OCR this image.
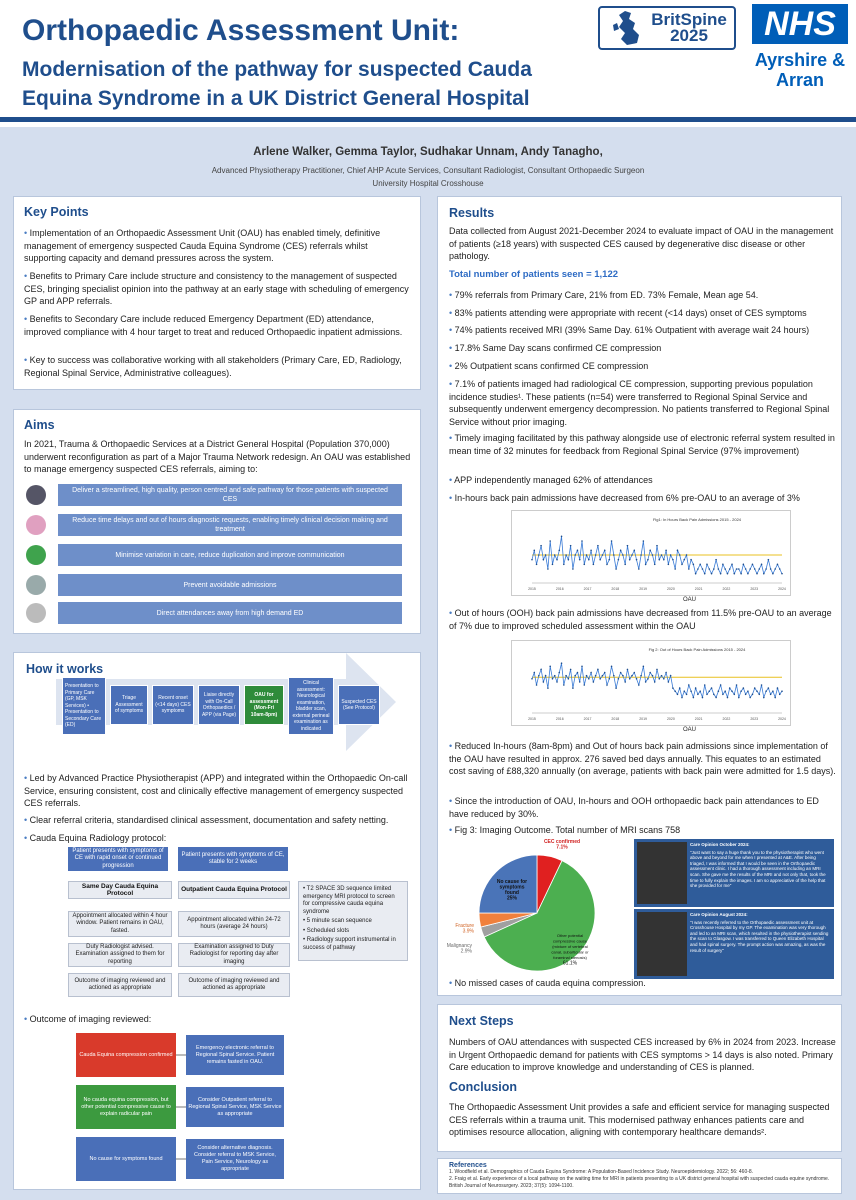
Orthopaedic Assessment Unit:
Modernisation of the pathway for suspected Cauda Equina Syndrome in a UK District General Hospital
BritSpine
2025	NHS
Ayrshire & Arran
Arlene Walker, Gemma Taylor, Sudhakar Unnam, Andy Tanagho,
Advanced Physiotherapy Practitioner, Chief AHP Acute Services, Consultant Radiologist, Consultant Orthopaedic Surgeon
University Hospital Crosshouse
Key Points
• Implementation of an Orthopaedic Assessment Unit (OAU) has enabled timely, definitive management of emergency suspected Cauda Equina Syndrome (CES) referrals whilst supporting capacity and demand pressures across the system.
• Benefits to Primary Care include structure and consistency to the management of suspected CES, bringing specialist opinion into the pathway at an early stage with scheduling of emergency GP and APP referrals.
• Benefits to Secondary Care include reduced Emergency Department (ED) attendance, improved compliance with 4 hour target to treat and reduced Orthopaedic inpatient admissions.
• Key to success was collaborative working with all stakeholders (Primary Care, ED, Radiology, Regional Spinal Service, Administrative colleagues).
Aims
In 2021, Trauma & Orthopaedic Services at a District General Hospital (Population 370,000) underwent reconfiguration as part of a Major Trauma Network redesign. An OAU was established to manage emergency suspected CES referrals, aiming to:
Deliver a streamlined, high quality, person centred and safe pathway for those patients with suspected CES
Reduce time delays and out of hours diagnostic requests, enabling timely clinical decision making and treatment
Minimise variation in care, reduce duplication and improve communication
Prevent avoidable admissions
Direct attendances away from high demand ED
How it works
Presentation to Primary Care (GP, MSK Services) • Presentation to Secondary Care (ED)
Triage Assessment of symptoms
Recent onset (<14 days) CES symptoms
Liaise directly with On-Call Orthopaedics / APP (via Page)
OAU for assessment (Mon-Fri 10am-8pm)
Clinical assessment: Neurological examination, bladder scan, external perineal examination as indicated
Suspected CES (See Protocol)
• Led by Advanced Practice Physiotherapist (APP) and integrated within the Orthopaedic On-call Service, ensuring consistent, cost and clinically effective management of emergency suspected CES referrals.
• Clear referral criteria, standardised clinical assessment, documentation and safety netting.
• Cauda Equina Radiology protocol:
Patient presents with symptoms of CE with rapid onset or continued progression
Same Day Cauda Equina Protocol
Appointment allocated within 4 hour window. Patient remains in OAU, fasted.
Duty Radiologist advised. Examination assigned to them for reporting
Outcome of imaging reviewed and actioned as appropriate
Patient presents with symptoms of CE, stable for 2 weeks
Outpatient Cauda Equina Protocol
Appointment allocated within 24-72 hours (average 24 hours)
Examination assigned to Duty Radiologist for reporting day after imaging
Outcome of imaging reviewed and actioned as appropriate
• T2 SPACE 3D sequence limited emergency MRI protocol to screen for compressive cauda equina syndrome
• 5 minute scan sequence
• Scheduled slots
• Radiology support instrumental in success of pathway
• Outcome of imaging reviewed:
Cauda Equina compression confirmed
Emergency electronic referral to Regional Spinal Service. Patient remains fasted in OAU.
No cauda equina compression, but other potential compressive cause to explain radicular pain
Consider Outpatient referral to Regional Spinal Service, MSK Service as appropriate
No cause for symptoms found
Consider alternative diagnosis. Consider referral to MSK Service, Pain Service, Neurology as appropriate
Results
Data collected from August 2021-December 2024 to evaluate impact of OAU in the management of patients (≥18 years) with suspected CES caused by degenerative disc disease or other pathology.
Total number of patients seen = 1,122
• 79% referrals from Primary Care, 21% from ED. 73% Female, Mean age 54.
• 83% patients attending were appropriate with recent (<14 days) onset of CES symptoms
• 74% patients received MRI (39% Same Day. 61% Outpatient with average wait 24 hours)
• 17.8% Same Day scans confirmed CE compression
• 2% Outpatient scans confirmed CE compression
• 7.1% of patients imaged had radiological CE compression, supporting previous population incidence studies¹. These patients (n=54) were transferred to Regional Spinal Service and subsequently underwent emergency decompression. No patients transferred to Regional Spinal Service without prior imaging.
• Timely imaging facilitated by this pathway alongside use of electronic referral system resulted in mean time of 32 minutes for feedback from Regional Spinal Service (97% improvement)
• APP independently managed 62% of attendances
• In-hours back pain admissions have decreased from 6% pre-OAU to an average of 3%
Fig1: In Hours Back Pain Admissions 2015 - 2024
2015	2016	2017	2018	2019	2020	2021	2022	2023	2024
OAU
• Out of hours (OOH) back pain admissions have decreased from 11.5% pre-OAU to an average of 7% due to improved scheduled assessment within the OAU
Fig 2: Out of Hours Back Pain Admissions 2015 - 2024
2015	2016	2017	2018	2019	2020	2021	2022	2023	2024
OAU
• Reduced In-hours (8am-8pm) and Out of hours back pain admissions since implementation of the OAU have resulted in approx. 276 saved bed days annually. This equates to an estimated cost saving of £88,320 annually (on average, patients with back pain were admitted for 1.5 days).
• Since the introduction of OAU, In-hours and OOH orthopaedic back pain attendances to ED have reduced by 30%.
• Fig 3: Imaging Outcome. Total number of MRI scans 758
CEC confirmed
7.1%
Other potential
compressive cause
(mixture of vertebral
canal, subarticular or
foraminal stenosis)
61.1%
Malignancy
2.9%
Fracture
3.9%
No cause for
symptoms
found
25%
Care Opinion October 2024:
"Just want to say a huge thank you to the physiotherapist who went above and beyond for me when I presented at A&E. After being triaged, I was informed that I would be seen in the Orthopaedic assessment clinic. I had a thorough assessment including an MRI scan. She gave me the results of the MRI and not only that, took the time to fully explain the images. I am so appreciative of the help that she provided for me"
Care Opinion August 2024:
"I was recently referred to the Orthopaedic assessment unit at Crosshouse Hospital by my GP. The examination was very thorough and led to an MRI scan, which resulted in the physiotherapist sending the scan to Glasgow. I was transferred to Queen Elizabeth Hospital and had spinal surgery. The prompt action was amazing, as was the result of surgery"
• No missed cases of cauda equina compression.
Next Steps
Numbers of OAU attendances with suspected CES increased by 6% in 2024 from 2023. Increase in Urgent Orthopaedic demand for patients with CES symptoms > 14 days is also noted. Primary Care education to improve knowledge and understanding of CES is planned.
Conclusion
The Orthopaedic Assessment Unit provides a safe and efficient service for managing suspected CES referrals within a trauma unit. This modernised pathway enhances patients care and optimises resource allocation, aligning with contemporary healthcare demands².
References
1. Woodfield et al. Demographics of Cauda Equina Syndrome: A Population-Based Incidence Study. Neuroepidemiology. 2022; 56: 460-8.
2. Fraig et al. Early experience of a local pathway on the waiting time for MRI in patients presenting to a UK district general hospital with suspected cauda equine syndrome. British Journal of Neurosurgery. 2023; 37(5): 1094-1100.
